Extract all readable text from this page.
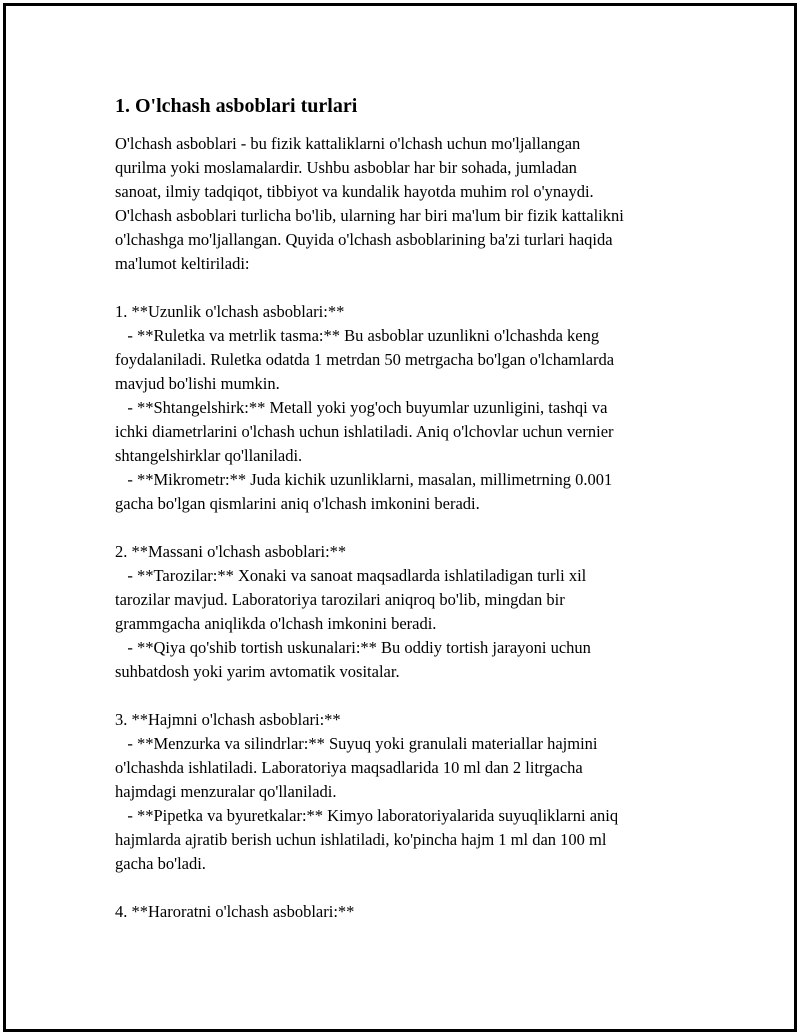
1. O'lchash asboblari turlari
O'lchash asboblari - bu fizik kattaliklarni o'lchash uchun mo'ljallangan
qurilma yoki moslamalardir. Ushbu asboblar har bir sohada, jumladan
sanoat, ilmiy tadqiqot, tibbiyot va kundalik hayotda muhim rol o'ynaydi.
O'lchash asboblari turlicha bo'lib, ularning har biri ma'lum bir fizik kattalikni
o'lchashga mo'ljallangan. Quyida o'lchash asboblarining ba'zi turlari haqida
ma'lumot keltiriladi:
1. **Uzunlik o'lchash asboblari:**
- **Ruletka va metrlik tasma:** Bu asboblar uzunlikni o'lchashda keng
foydalaniladi. Ruletka odatda 1 metrdan 50 metrgacha bo'lgan o'lchamlarda
mavjud bo'lishi mumkin.
- **Shtangelshirk:** Metall yoki yog'och buyumlar uzunligini, tashqi va
ichki diametrlarini o'lchash uchun ishlatiladi. Aniq o'lchovlar uchun vernier
shtangelshirklar qo'llaniladi.
- **Mikrometr:** Juda kichik uzunliklarni, masalan, millimetrning 0.001
gacha bo'lgan qismlarini aniq o'lchash imkonini beradi.
2. **Massani o'lchash asboblari:**
- **Tarozilar:** Xonaki va sanoat maqsadlarda ishlatiladigan turli xil
tarozilar mavjud. Laboratoriya tarozilari aniqroq bo'lib, mingdan bir
grammgacha aniqlikda o'lchash imkonini beradi.
- **Qiya qo'shib tortish uskunalari:** Bu oddiy tortish jarayoni uchun
suhbatdosh yoki yarim avtomatik vositalar.
3. **Hajmni o'lchash asboblari:**
- **Menzurka va silindrlar:** Suyuq yoki granulali materiallar hajmini
o'lchashda ishlatiladi. Laboratoriya maqsadlarida 10 ml dan 2 litrgacha
hajmdagi menzuralar qo'llaniladi.
- **Pipetka va byuretkalar:** Kimyo laboratoriyalarida suyuqliklarni aniq
hajmlarda ajratib berish uchun ishlatiladi, ko'pincha hajm 1 ml dan 100 ml
gacha bo'ladi.
4. **Haroratni o'lchash asboblari:**
